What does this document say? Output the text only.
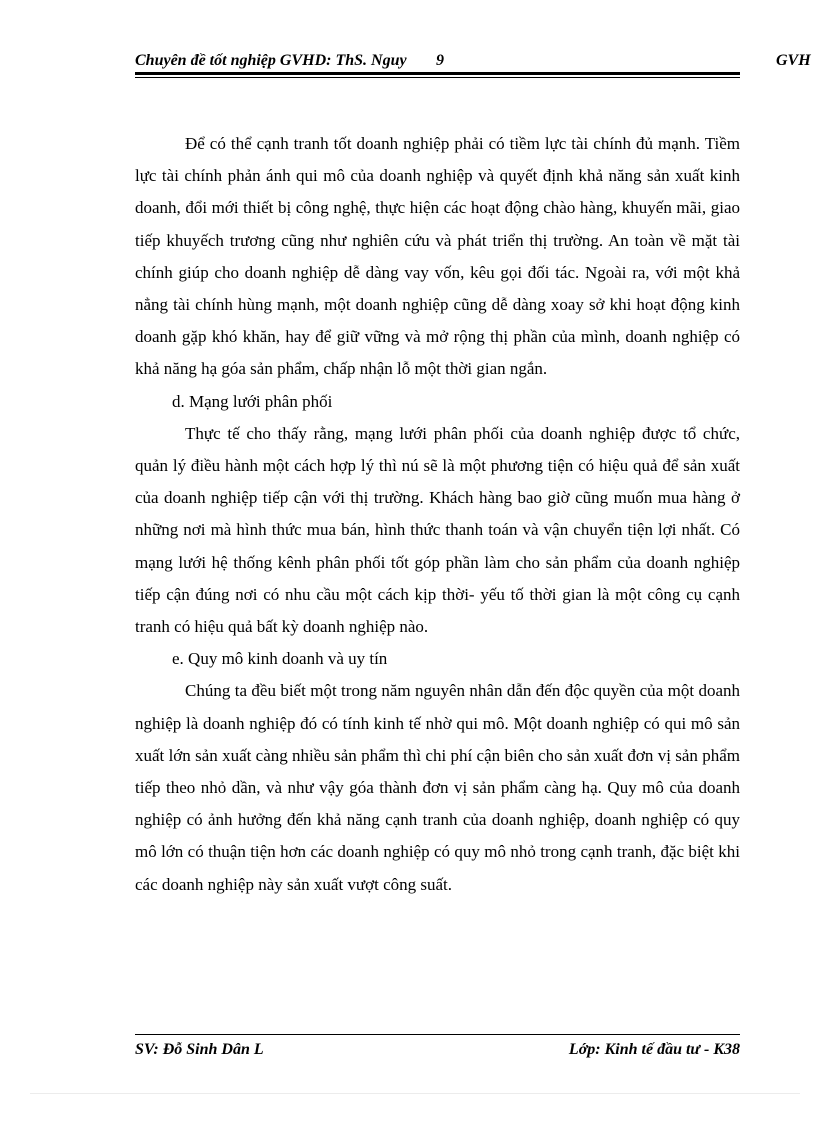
Chuyên đề tốt nghiệp GVHD: ThS. Nguy 9	GVH

Để có thể cạnh tranh tốt doanh nghiệp phải có tiềm lực tài chính đủ mạnh. Tiềm lực tài chính phản ánh qui mô của doanh nghiệp và quyết định khả năng sản xuất kinh doanh, đổi mới thiết bị công nghệ, thực hiện các hoạt động chào hàng, khuyến mãi, giao tiếp khuyếch trương cũng như nghiên cứu và phát triển thị trường. An toàn về mặt tài chính giúp cho doanh nghiệp dễ dàng vay vốn, kêu gọi đối tác. Ngoài ra, với một khả nẳng tài chính hùng mạnh, một doanh nghiệp cũng dễ dàng xoay sở khi hoạt động kinh doanh gặp khó khăn, hay để giữ vững và mở rộng thị phần của mình, doanh nghiệp có khả năng hạ góa sản phẩm, chấp nhận lỗ một thời gian ngắn.

d. Mạng lưới phân phối

Thực tế cho thấy rằng, mạng lưới phân phối của doanh nghiệp được tổ chức, quản lý điều hành một cách hợp lý thì nú sẽ là một phương tiện có hiệu quả để sản xuất của doanh nghiệp tiếp cận với thị trường. Khách hàng bao giờ cũng muốn mua hàng ở những nơi mà hình thức mua bán, hình thức thanh toán và vận chuyển tiện lợi nhất. Có mạng lưới hệ thống kênh phân phối tốt góp phần làm cho sản phẩm của doanh nghiệp tiếp cận đúng nơi có nhu cầu một cách kịp thời- yếu tố thời gian là một công cụ cạnh tranh có hiệu quả bất kỳ doanh nghiệp nào.

e. Quy mô kinh doanh và uy tín

Chúng ta đều biết một trong năm nguyên nhân dẫn đến độc quyền của một doanh nghiệp là doanh nghiệp đó có tính kinh tế nhờ qui mô. Một doanh nghiệp có qui mô sản xuất lớn sản xuất càng nhiều sản phẩm thì chi phí cận biên cho sản xuất đơn vị sản phẩm tiếp theo nhỏ dần, và như vậy góa thành đơn vị sản phẩm càng hạ. Quy mô của doanh nghiệp có ảnh hưởng đến khả năng cạnh tranh của doanh nghiệp, doanh nghiệp có quy mô lớn có thuận tiện hơn các doanh nghiệp có quy mô nhỏ trong cạnh tranh, đặc biệt khi các doanh nghiệp này sản xuất vượt công suất.

SV: Đỗ Sinh Dân L	Lớp: Kinh tế đầu tư - K38
